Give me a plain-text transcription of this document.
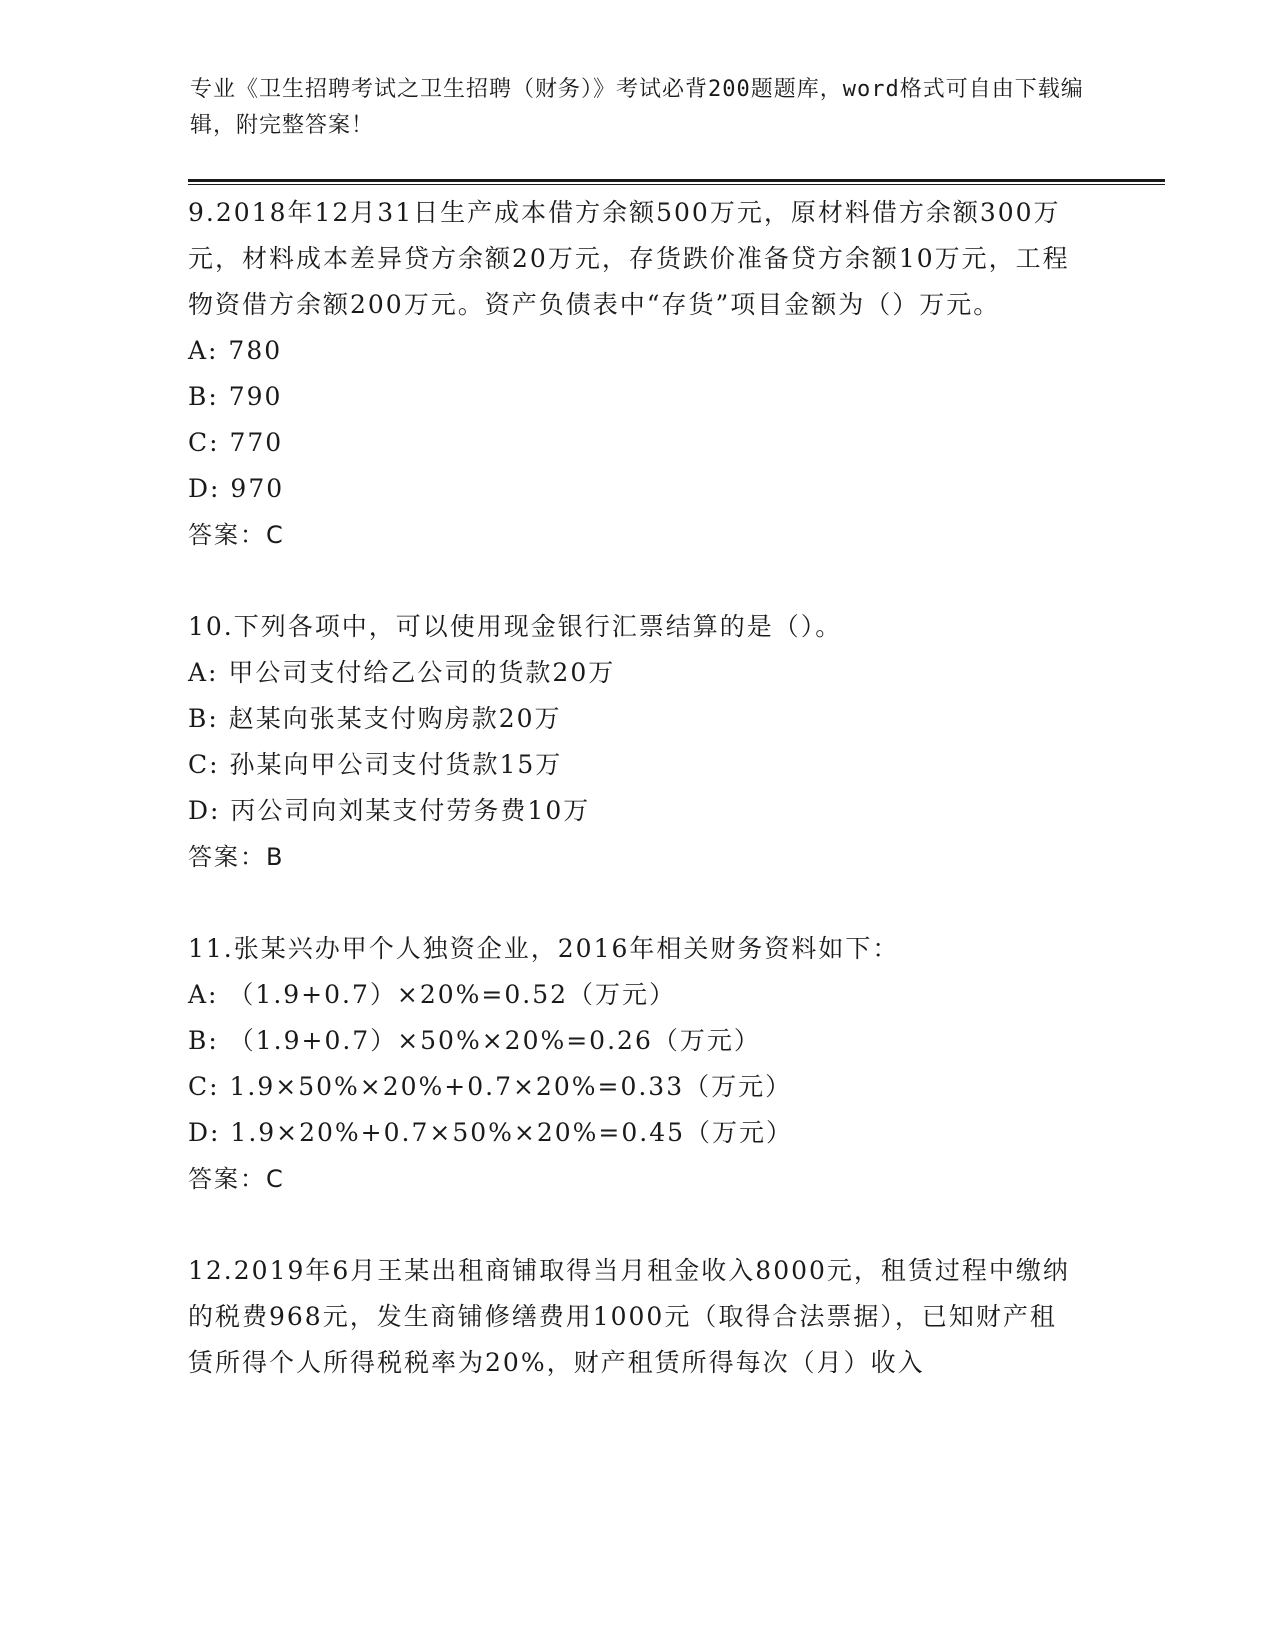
专业《卫生招聘考试之卫生招聘（财务）》考试必背200题题库，word格式可自由下载编辑，附完整答案！

9.2018年12月31日生产成本借方余额500万元，原材料借方余额300万元，材料成本差异贷方余额20万元，存货跌价准备贷方余额10万元，工程物资借方余额200万元。资产负债表中“存货”项目金额为（）万元。

A: 780

B: 790

C: 770

D: 970

答案：C

10.下列各项中，可以使用现金银行汇票结算的是（）。

A: 甲公司支付给乙公司的货款20万

B: 赵某向张某支付购房款20万

C: 孙某向甲公司支付货款15万

D: 丙公司向刘某支付劳务费10万

答案：B

11.张某兴办甲个人独资企业，2016年相关财务资料如下：

A: （1.9+0.7）×20%=0.52（万元）

B: （1.9+0.7）×50%×20%=0.26（万元）

C: 1.9×50%×20%+0.7×20%=0.33（万元）

D: 1.9×20%+0.7×50%×20%=0.45（万元）

答案：C

12.2019年6月王某出租商铺取得当月租金收入8000元，租赁过程中缴纳的税费968元，发生商铺修缮费用1000元（取得合法票据），已知财产租赁所得个人所得税税率为20%，财产租赁所得每次（月）收入
